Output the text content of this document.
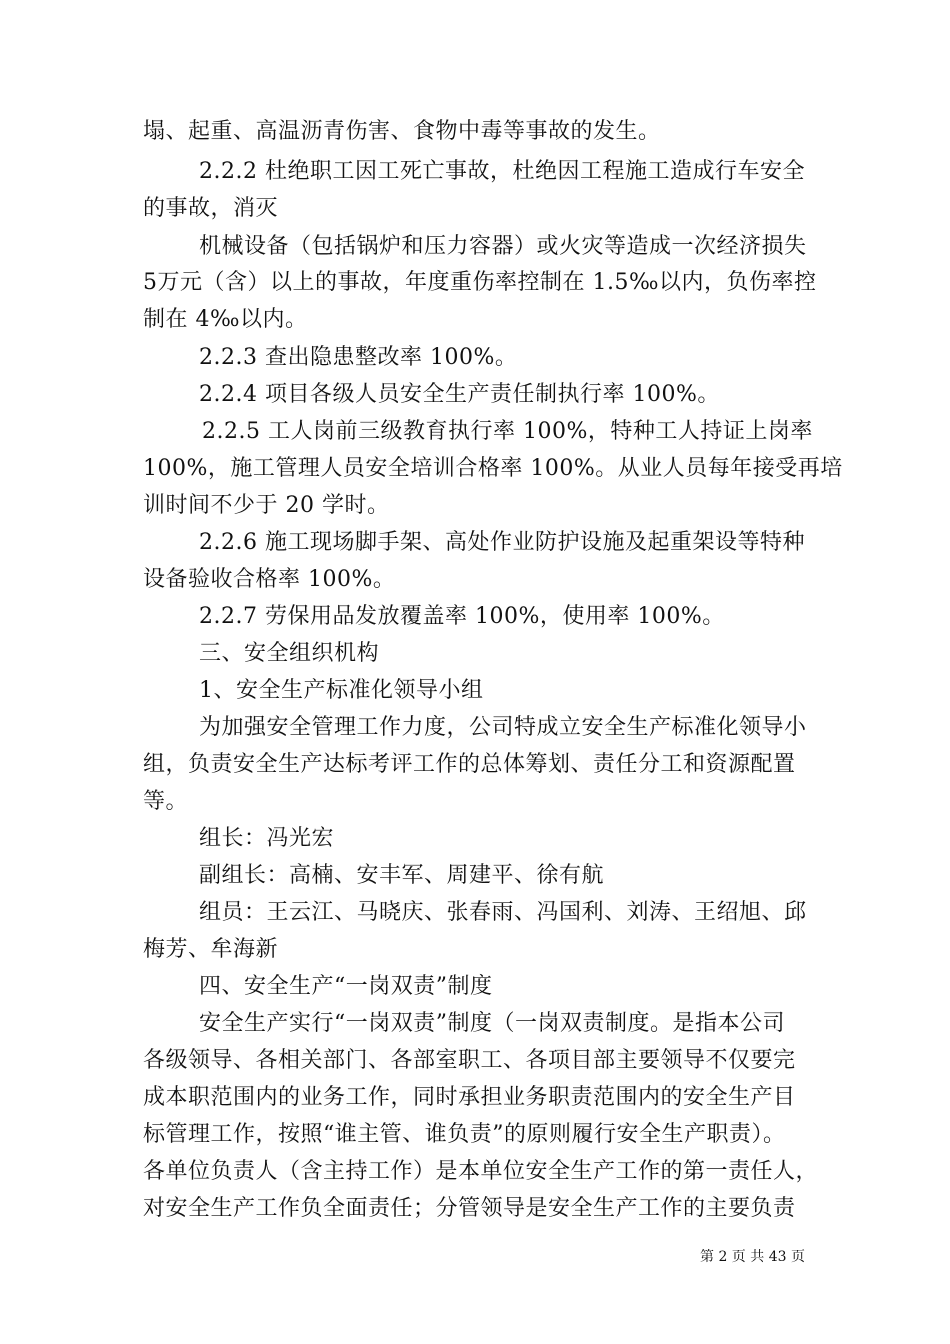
塌、起重、高温沥青伤害、食物中毒等事故的发生。
2.2.2 杜绝职工因工死亡事故，杜绝因工程施工造成行车安全
的事故，消灭
机械设备（包括锅炉和压力容器）或火灾等造成一次经济损失
5万元（含）以上的事故，年度重伤率控制在 1.5‰以内，负伤率控
制在 4‰以内。
2.2.3 查出隐患整改率 100%。
2.2.4 项目各级人员安全生产责任制执行率 100%。
2.2.5 工人岗前三级教育执行率 100%，特种工人持证上岗率
100%，施工管理人员安全培训合格率 100%。从业人员每年接受再培
训时间不少于 20 学时。
2.2.6 施工现场脚手架、高处作业防护设施及起重架设等特种
设备验收合格率 100%。
2.2.7 劳保用品发放覆盖率 100%，使用率 100%。
三、安全组织机构
1、安全生产标准化领导小组
为加强安全管理工作力度，公司特成立安全生产标准化领导小
组，负责安全生产达标考评工作的总体筹划、责任分工和资源配置
等。
组长：冯光宏
副组长：高楠、安丰军、周建平、徐有航
组员：王云江、马晓庆、张春雨、冯国利、刘涛、王绍旭、邱
梅芳、牟海新
四、安全生产“一岗双责”制度
安全生产实行“一岗双责”制度（一岗双责制度。是指本公司
各级领导、各相关部门、各部室职工、各项目部主要领导不仅要完
成本职范围内的业务工作，同时承担业务职责范围内的安全生产目
标管理工作，按照“谁主管、谁负责”的原则履行安全生产职责）。
各单位负责人（含主持工作）是本单位安全生产工作的第一责任人，
对安全生产工作负全面责任；分管领导是安全生产工作的主要负责
第 2 页 共 43 页
